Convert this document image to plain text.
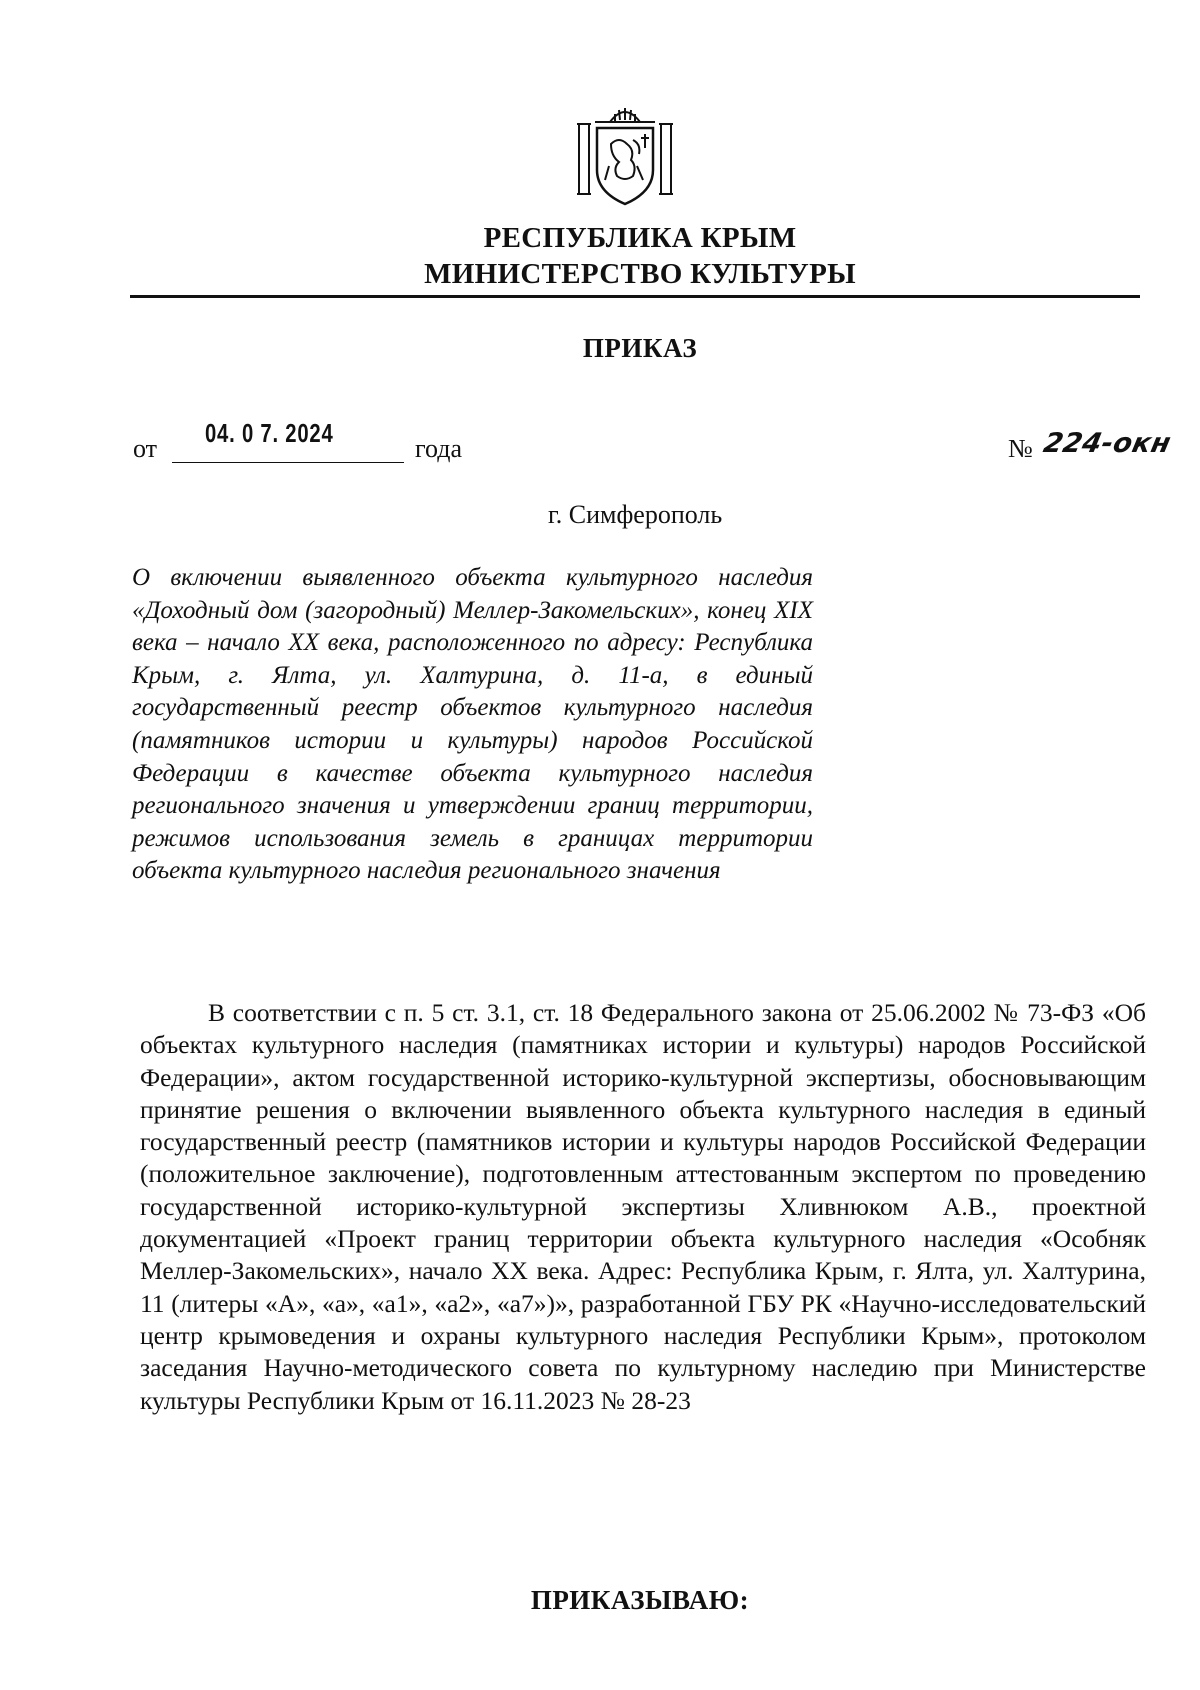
РЕСПУБЛИКА КРЫМ
МИНИСТЕРСТВО КУЛЬТУРЫ
ПРИКАЗ
от
04. 0 7. 2024
года	№ 224-окн
г. Симферополь
О включении выявленного объекта культурного наследия «Доходный дом (загородный) Меллер-Закомельских», конец XIX века – начало XX века, расположенного по адресу: Республика Крым, г. Ялта, ул. Халтурина, д. 11-а, в единый государственный реестр объектов культурного наследия (памятников истории и культуры) народов Российской Федерации в качестве объекта культурного наследия регионального значения и утверждении границ территории, режимов использования земель в границах территории объекта культурного наследия регионального значения
В соответствии с п. 5 ст. 3.1, ст. 18 Федерального закона от 25.06.2002 № 73-ФЗ «Об объектах культурного наследия (памятниках истории и культуры) народов Российской Федерации», актом государственной историко-культурной экспертизы, обосновывающим принятие решения о включении выявленного объекта культурного наследия в единый государственный реестр (памятников истории и культуры народов Российской Федерации (положительное заключение), подготовленным аттестованным экспертом по проведению государственной историко-культурной экспертизы Хливнюком А.В., проектной документацией «Проект границ территории объекта культурного наследия «Особняк Меллер-Закомельских», начало XX века. Адрес: Республика Крым, г. Ялта, ул. Халтурина, 11 (литеры «А», «а», «а1», «а2», «а7»)», разработанной ГБУ РК «Научно-исследовательский центр крымоведения и охраны культурного наследия Республики Крым», протоколом заседания Научно-методического совета по культурному наследию при Министерстве культуры Республики Крым от 16.11.2023 № 28-23
ПРИКАЗЫВАЮ:
